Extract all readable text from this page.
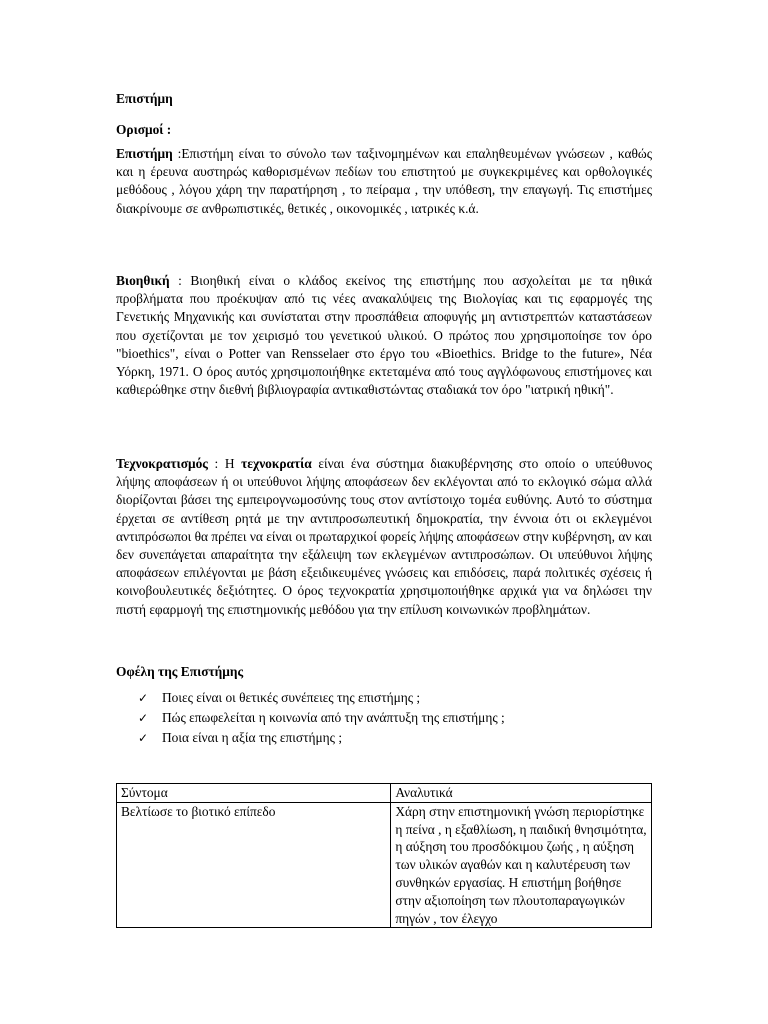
Επιστήμη

Ορισμοί :

Επιστήμη :Επιστήμη είναι το σύνολο των ταξινομημένων και επαληθευμένων γνώσεων , καθώς και η έρευνα αυστηρώς καθορισμένων πεδίων του επιστητού με συγκεκριμένες και ορθολογικές μεθόδους , λόγου χάρη την παρατήρηση , το πείραμα , την υπόθεση, την επαγωγή. Τις επιστήμες διακρίνουμε σε ανθρωπιστικές, θετικές , οικονομικές , ιατρικές κ.ά.

Βιοηθική : Βιοηθική είναι ο κλάδος εκείνος της επιστήμης που ασχολείται με τα ηθικά προβλήματα που προέκυψαν από τις νέες ανακαλύψεις της Βιολογίας και τις εφαρμογές της Γενετικής Μηχανικής και συνίσταται στην προσπάθεια αποφυγής μη αντιστρεπτών καταστάσεων που σχετίζονται με τον χειρισμό του γενετικού υλικού. Ο πρώτος που χρησιμοποίησε τον όρο "bioethics", είναι ο Potter van Rensselaer στο έργο του «Bioethics. Bridge to the future», Νέα Υόρκη, 1971. Ο όρος αυτός χρησιμοποιήθηκε εκτεταμένα από τους αγγλόφωνους επιστήμονες και καθιερώθηκε στην διεθνή βιβλιογραφία αντικαθιστώντας σταδιακά τον όρο "ιατρική ηθική".

Τεχνοκρατισμός : Η τεχνοκρατία είναι ένα σύστημα διακυβέρνησης στο οποίο ο υπεύθυνος λήψης αποφάσεων ή οι υπεύθυνοι λήψης αποφάσεων δεν εκλέγονται από το εκλογικό σώμα αλλά διορίζονται βάσει της εμπειρογνωμοσύνης τους στον αντίστοιχο τομέα ευθύνης. Αυτό το σύστημα έρχεται σε αντίθεση ρητά με την αντιπροσωπευτική δημοκρατία, την έννοια ότι οι εκλεγμένοι αντιπρόσωποι θα πρέπει να είναι οι πρωταρχικοί φορείς λήψης αποφάσεων στην κυβέρνηση, αν και δεν συνεπάγεται απαραίτητα την εξάλειψη των εκλεγμένων αντιπροσώπων. Οι υπεύθυνοι λήψης αποφάσεων επιλέγονται με βάση εξειδικευμένες γνώσεις και επιδόσεις, παρά πολιτικές σχέσεις ή κοινοβουλευτικές δεξιότητες. Ο όρος τεχνοκρατία χρησιμοποιήθηκε αρχικά για να δηλώσει την πιστή εφαρμογή της επιστημονικής μεθόδου για την επίλυση κοινωνικών προβλημάτων.

Οφέλη της Επιστήμης

✓	Ποιες είναι οι θετικές συνέπειες της επιστήμης ;
✓	Πώς επωφελείται η κοινωνία από την ανάπτυξη της επιστήμης ;
✓	Ποια είναι η αξία της επιστήμης ;
Σύντομα	Αναλυτικά
Βελτίωσε το βιοτικό επίπεδο	Χάρη στην επιστημονική γνώση περιορίστηκε η πείνα , η εξαθλίωση, η παιδική θνησιμότητα, η αύξηση του προσδόκιμου ζωής , η αύξηση των υλικών αγαθών και η καλυτέρευση των συνθηκών εργασίας. Η επιστήμη βοήθησε στην αξιοποίηση των πλουτοπαραγωγικών πηγών , τον έλεγχο
